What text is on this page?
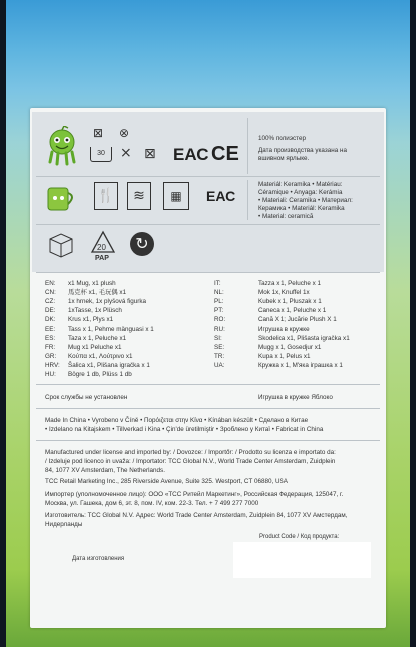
⊠ ⊗
30	⨯ ⊠ ЕАС CE
100% полиэстер
Дата производства указана на
вшивном ярлыке.
🍴	≋	▦	ЕАС
Materiál: Keramika • Matériau:
Céramique • Anyaga: Kerámia
• Materiali: Ceramika • Материал:
Керамика • Materiál: Keramika
• Material: ceramică
20
PAP
↻
EN: x1 Mug, x1 plush
CN: 馬克杯 x1, 毛玩偶 x1
CZ: 1x hrnek, 1x plyšová figurka
DE: 1xTasse, 1x Plüsch
DK: Krus x1, Plys x1
EE: Tass x 1, Pehme mänguasi x 1
ES: Taza x 1, Peluche x1
FR: Mug x1 Peluche x1
GR: Κούπα x1, Λούτρινο x1
HRV: Šalica x1, Plišana igračka x 1
HU: Bögre 1 db, Plüss 1 db
IT:	Tazza x 1, Peluche x 1
NL:	Mok 1x, Knuffel 1x
PL:	Kubek x 1, Pluszak x 1
PT:	Caneca x 1, Peluche x 1
RO:	Cană X 1; Jucărie Plush X 1
RU:	Игрушка в кружке
SI:	Skodelica x1, Plišasta igračka x1
SE:	Mugg x 1, Gosedjur x1
TR:	Kupa x 1, Pelus x1
UA:	Кружка x 1, М'яка іграшка x 1
Срок службы не установлен	Игрушка в кружке Яблоко
Made In China • Vyrobeno v Číně • Порόιζεται στην Κίνα • Kínában készült • Сделано в Китае
• Izdelano na Kitajskem • Tillverkad i Kina • Çin'de üretilmiştir • Зроблено у Китаї • Fabricat in China
Manufactured under license and imported by: / Dovozce: / Importőr: / Prodotto su licenza e importato da:
/ Izdeluje pod licenco in uvaža: / Importator: TCC Global N.V., World Trade Center Amsterdam, Zuidplein
84, 1077 XV Amsterdam, The Netherlands.
TCC Retail Marketing Inc., 285 Riverside Avenue, Suite 325. Westport, CT 06880, USA
Импортер (уполномоченное лицо): ООО «ТСС Ритейл Маркетинг», Российская Федерация, 125047, г.
Москва, ул. Гашека, дом 6, эт. 8, пом. IV, ком. 22-3. Тел. + 7 499 277 7000
Изготовитель: TCC Global N.V. Адрес: World Trade Center Amsterdam, Zuidplein 84, 1077 XV Амстердам,
Нидерланды
Product Code / Код продукта:
Дата изготовления
